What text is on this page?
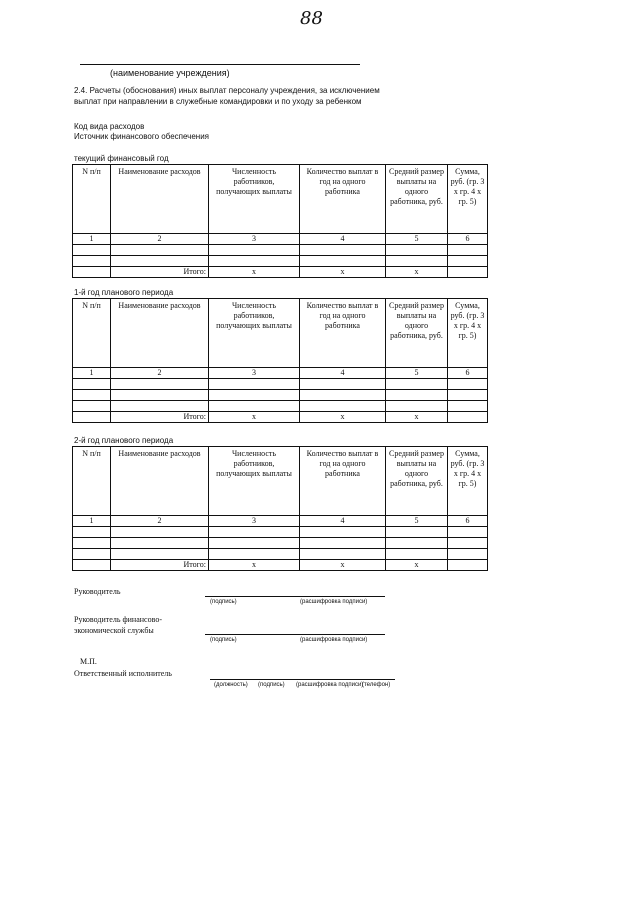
88
(наименование учреждения)
2.4. Расчеты (обоснования) иных выплат персоналу учреждения, за исключением выплат при направлении в служебные командировки и по уходу за ребенком
Код вида расходов
Источник финансового обеспечения
текущий финансовый год
N п/п	Наименование расходов	Численность работников, получающих выплаты	Количество выплат в год на одного работника	Средний размер выплаты на одного работника, руб.	Сумма, руб. (гр. 3 х гр. 4 х гр. 5)
1	2	3	4	5	6

	Итого:	x	x	x	
1-й год планового периода
N п/п	Наименование расходов	Численность работников, получающих выплаты	Количество выплат в год на одного работника	Средний размер выплаты на одного работника, руб.	Сумма, руб. (гр. 3 х гр. 4 х гр. 5)
1	2	3	4	5	6

	Итого:	x	x	x	
2-й год планового периода
N п/п	Наименование расходов	Численность работников, получающих выплаты	Количество выплат в год на одного работника	Средний размер выплаты на одного работника, руб.	Сумма, руб. (гр. 3 х гр. 4 х гр. 5)
1	2	3	4	5	6

	Итого:	x	x	x	
Руководитель
(подпись)	(расшифровка подписи)
Руководитель финансово-
экономической службы
(подпись)	(расшифровка подписи)
М.П.
Ответственный исполнитель
(должность) (подпись) (расшифровка подписи)
(телефон)
